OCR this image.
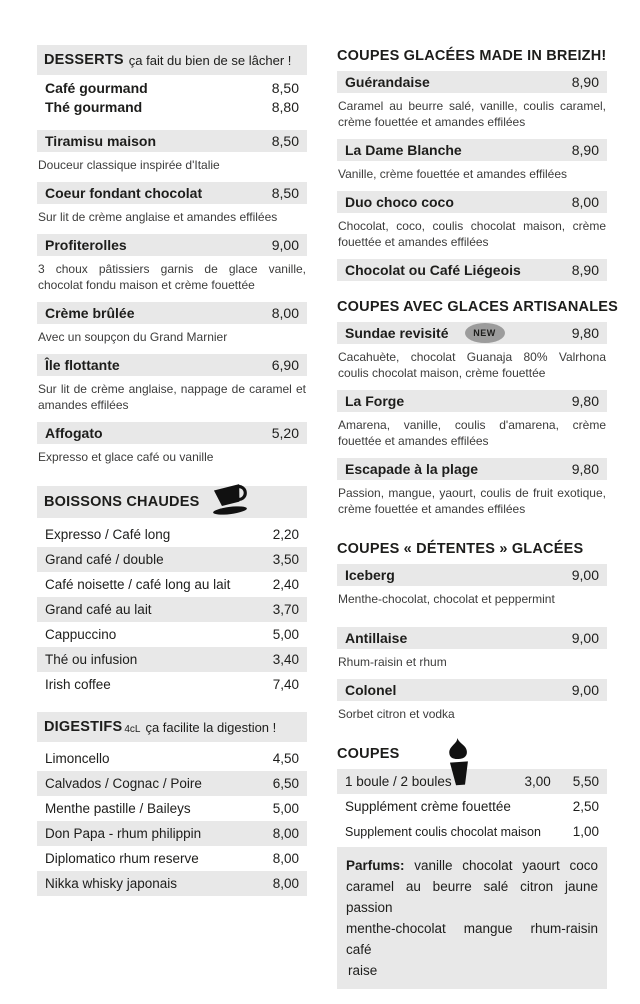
DESSERTS ça fait du bien de se lâcher !
Café gourmand	8,50
Thé gourmand	8,80
Tiramisu maison	8,50
Douceur classique inspirée d'Italie
Coeur fondant chocolat	8,50
Sur lit de crème anglaise et amandes effilées
Profiterolles	9,00
3 choux pâtissiers garnis de glace vanille, chocolat fondu maison et crème fouettée
Crème brûlée	8,00
Avec un soupçon du Grand Marnier
Île flottante	6,90
Sur lit de crème anglaise, nappage de caramel et amandes effilées
Affogato	5,20
Expresso et glace café ou vanille
BOISSONS CHAUDES
Expresso / Café long	2,20
Grand café / double	3,50
Café noisette / café long au lait	2,40
Grand café au lait	3,70
Cappuccino	5,00
Thé ou infusion	3,40
Irish coffee	7,40
DIGESTIFS 4cL ça facilite la digestion !
Limoncello	4,50
Calvados / Cognac / Poire	6,50
Menthe pastille / Baileys	5,00
Don Papa - rhum philippin	8,00
Diplomatico rhum reserve	8,00
Nikka whisky japonais	8,00
COUPES GLACÉES MADE IN BREIZH!
Guérandaise	8,90
Caramel au beurre salé, vanille, coulis caramel, crème fouettée et amandes effilées
La Dame Blanche	8,90
Vanille, crème fouettée et amandes effilées
Duo choco coco	8,00
Chocolat, coco, coulis chocolat maison, crème fouettée et amandes effilées
Chocolat ou Café Liégeois	8,90
COUPES AVEC GLACES ARTISANALES
Sundae revisité	NEW	9,80
Cacahuète, chocolat Guanaja 80% Valrhona coulis chocolat maison, crème fouettée
La Forge	9,80
Amarena, vanille, coulis d'amarena, crème fouettée et amandes effilées
Escapade à la plage	9,80
Passion, mangue, yaourt, coulis de fruit exotique, crème fouettée et amandes effilées
COUPES « DÉTENTES » GLACÉES
Iceberg	9,00
Menthe-chocolat, chocolat et peppermint
Antillaise	9,00
Rhum-raisin et rhum
Colonel	9,00
Sorbet citron et vodka
COUPES
1 boule / 2 boules	3,00 5,50
Supplément crème fouettée	2,50
Supplement coulis chocolat maison 1,00
Parfums: vanille chocolat yaourt coco
caramel au beurre salé citron jaune passion
menthe-chocolat mangue rhum-raisin café
raise
